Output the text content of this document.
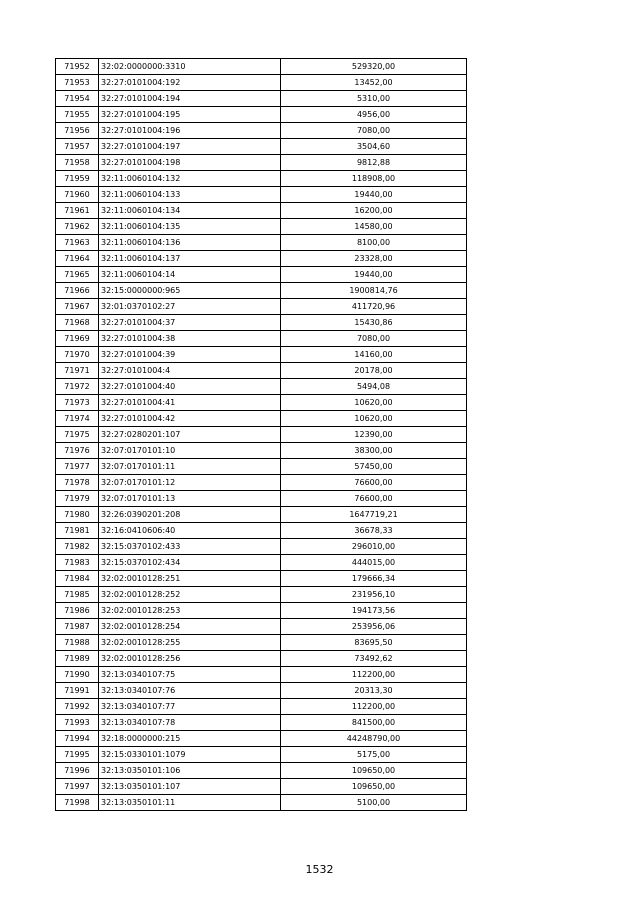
71952	32:02:0000000:3310	529320,00
71953	32:27:0101004:192	13452,00
71954	32:27:0101004:194	5310,00
71955	32:27:0101004:195	4956,00
71956	32:27:0101004:196	7080,00
71957	32:27:0101004:197	3504,60
71958	32:27:0101004:198	9812,88
71959	32:11:0060104:132	118908,00
71960	32:11:0060104:133	19440,00
71961	32:11:0060104:134	16200,00
71962	32:11:0060104:135	14580,00
71963	32:11:0060104:136	8100,00
71964	32:11:0060104:137	23328,00
71965	32:11:0060104:14	19440,00
71966	32:15:0000000:965	1900814,76
71967	32:01:0370102:27	411720,96
71968	32:27:0101004:37	15430,86
71969	32:27:0101004:38	7080,00
71970	32:27:0101004:39	14160,00
71971	32:27:0101004:4	20178,00
71972	32:27:0101004:40	5494,08
71973	32:27:0101004:41	10620,00
71974	32:27:0101004:42	10620,00
71975	32:27:0280201:107	12390,00
71976	32:07:0170101:10	38300,00
71977	32:07:0170101:11	57450,00
71978	32:07:0170101:12	76600,00
71979	32:07:0170101:13	76600,00
71980	32:26:0390201:208	1647719,21
71981	32:16:0410606:40	36678,33
71982	32:15:0370102:433	296010,00
71983	32:15:0370102:434	444015,00
71984	32:02:0010128:251	179666,34
71985	32:02:0010128:252	231956,10
71986	32:02:0010128:253	194173,56
71987	32:02:0010128:254	253956,06
71988	32:02:0010128:255	83695,50
71989	32:02:0010128:256	73492,62
71990	32:13:0340107:75	112200,00
71991	32:13:0340107:76	20313,30
71992	32:13:0340107:77	112200,00
71993	32:13:0340107:78	841500,00
71994	32:18:0000000:215	44248790,00
71995	32:15:0330101:1079	5175,00
71996	32:13:0350101:106	109650,00
71997	32:13:0350101:107	109650,00
71998	32:13:0350101:11	5100,00
1532
